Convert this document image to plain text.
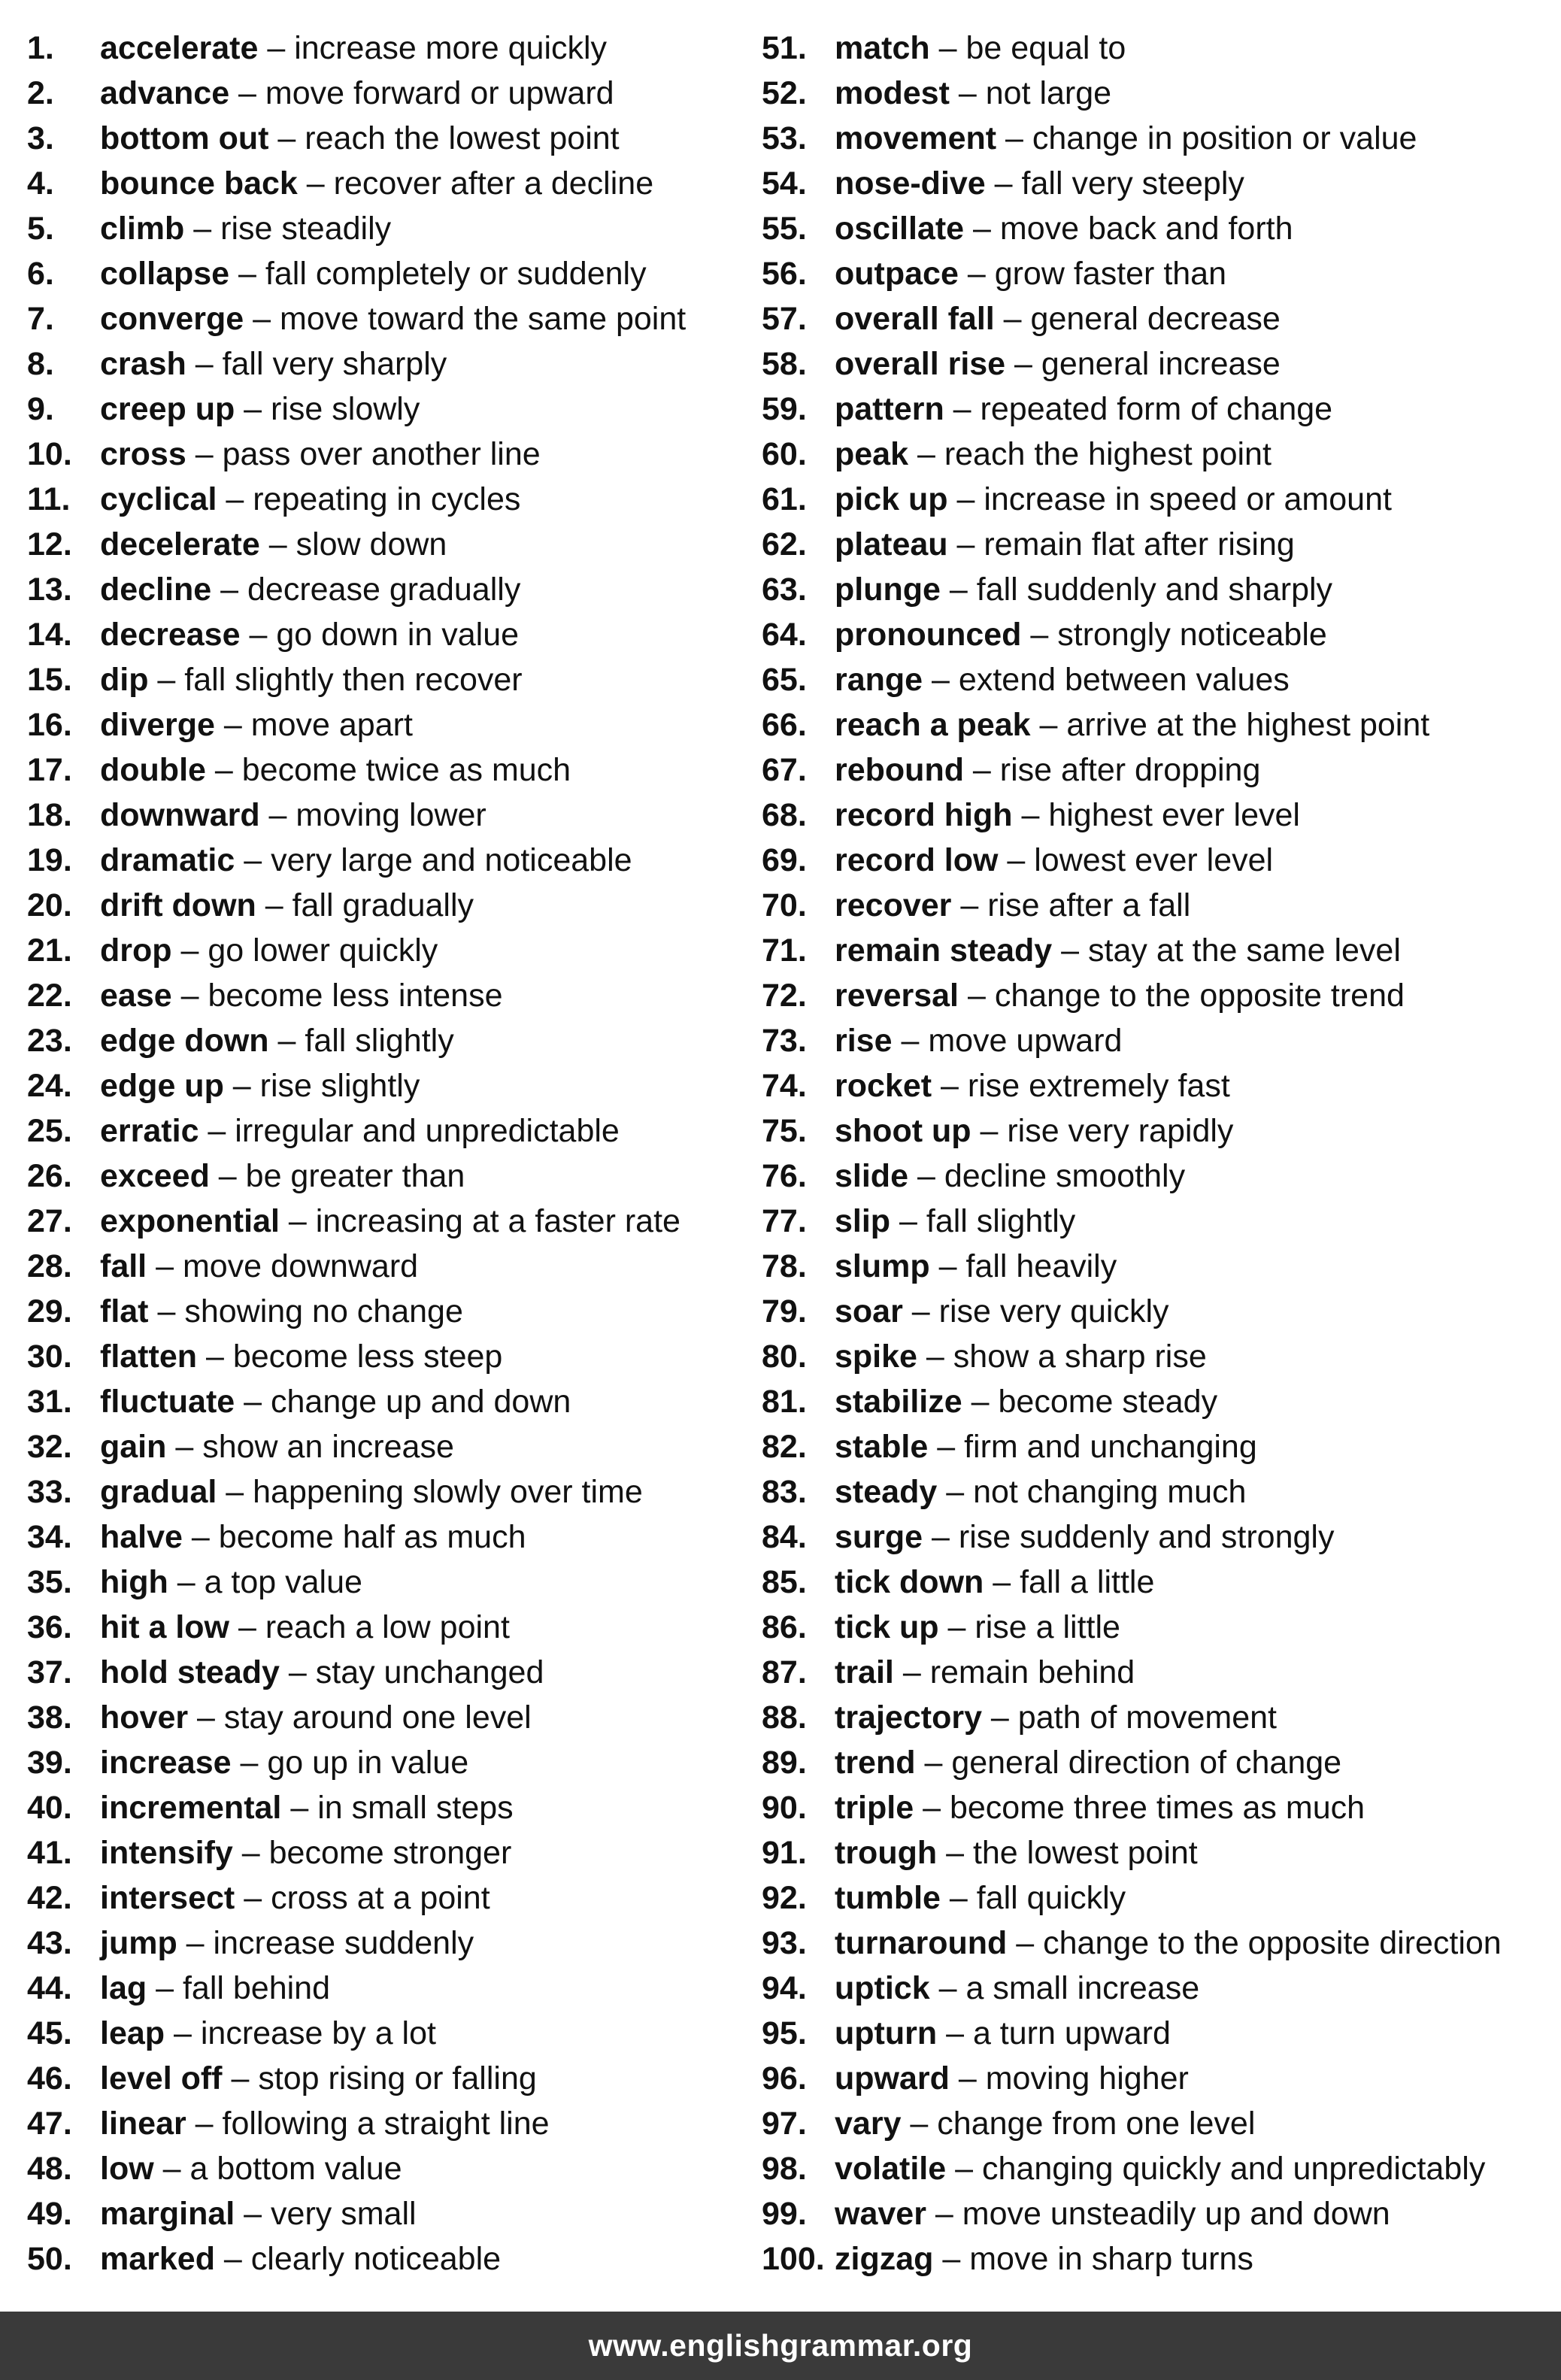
1.	accelerate – increase more quickly
2.	advance – move forward or upward
3.	bottom out – reach the lowest point
4.	bounce back – recover after a decline
5.	climb – rise steadily
6.	collapse – fall completely or suddenly
7.	converge – move toward the same point
8.	crash – fall very sharply
9.	creep up – rise slowly
10. cross – pass over another line
11. cyclical – repeating in cycles
12. decelerate – slow down
13. decline – decrease gradually
14. decrease – go down in value
15. dip – fall slightly then recover
16. diverge – move apart
17. double – become twice as much
18. downward – moving lower
19. dramatic – very large and noticeable
20. drift down – fall gradually
21. drop – go lower quickly
22. ease – become less intense
23. edge down – fall slightly
24. edge up – rise slightly
25. erratic – irregular and unpredictable
26. exceed – be greater than
27. exponential – increasing at a faster rate
28. fall – move downward
29. flat – showing no change
30. flatten – become less steep
31. fluctuate – change up and down
32. gain – show an increase
33. gradual – happening slowly over time
34. halve – become half as much
35. high – a top value
36. hit a low – reach a low point
37. hold steady – stay unchanged
38. hover – stay around one level
39. increase – go up in value
40. incremental – in small steps
41. intensify – become stronger
42. intersect – cross at a point
43. jump – increase suddenly
44. lag – fall behind
45. leap – increase by a lot
46. level off – stop rising or falling
47. linear – following a straight line
48. low – a bottom value
49. marginal – very small
50. marked – clearly noticeable
51. match – be equal to
52. modest – not large
53. movement – change in position or value
54. nose-dive – fall very steeply
55. oscillate – move back and forth
56. outpace – grow faster than
57. overall fall – general decrease
58. overall rise – general increase
59. pattern – repeated form of change
60. peak – reach the highest point
61. pick up – increase in speed or amount
62. plateau – remain flat after rising
63. plunge – fall suddenly and sharply
64. pronounced – strongly noticeable
65. range – extend between values
66. reach a peak – arrive at the highest point
67. rebound – rise after dropping
68. record high – highest ever level
69. record low – lowest ever level
70. recover – rise after a fall
71. remain steady – stay at the same level
72. reversal – change to the opposite trend
73. rise – move upward
74. rocket – rise extremely fast
75. shoot up – rise very rapidly
76. slide – decline smoothly
77. slip – fall slightly
78. slump – fall heavily
79. soar – rise very quickly
80. spike – show a sharp rise
81. stabilize – become steady
82. stable – firm and unchanging
83. steady – not changing much
84. surge – rise suddenly and strongly
85. tick down – fall a little
86. tick up – rise a little
87. trail – remain behind
88. trajectory – path of movement
89. trend – general direction of change
90. triple – become three times as much
91. trough – the lowest point
92. tumble – fall quickly
93. turnaround – change to the opposite direction
94. uptick – a small increase
95. upturn – a turn upward
96. upward – moving higher
97. vary – change from one level
98. volatile – changing quickly and unpredictably
99. waver – move unsteadily up and down
100. zigzag – move in sharp turns
www.englishgrammar.org
